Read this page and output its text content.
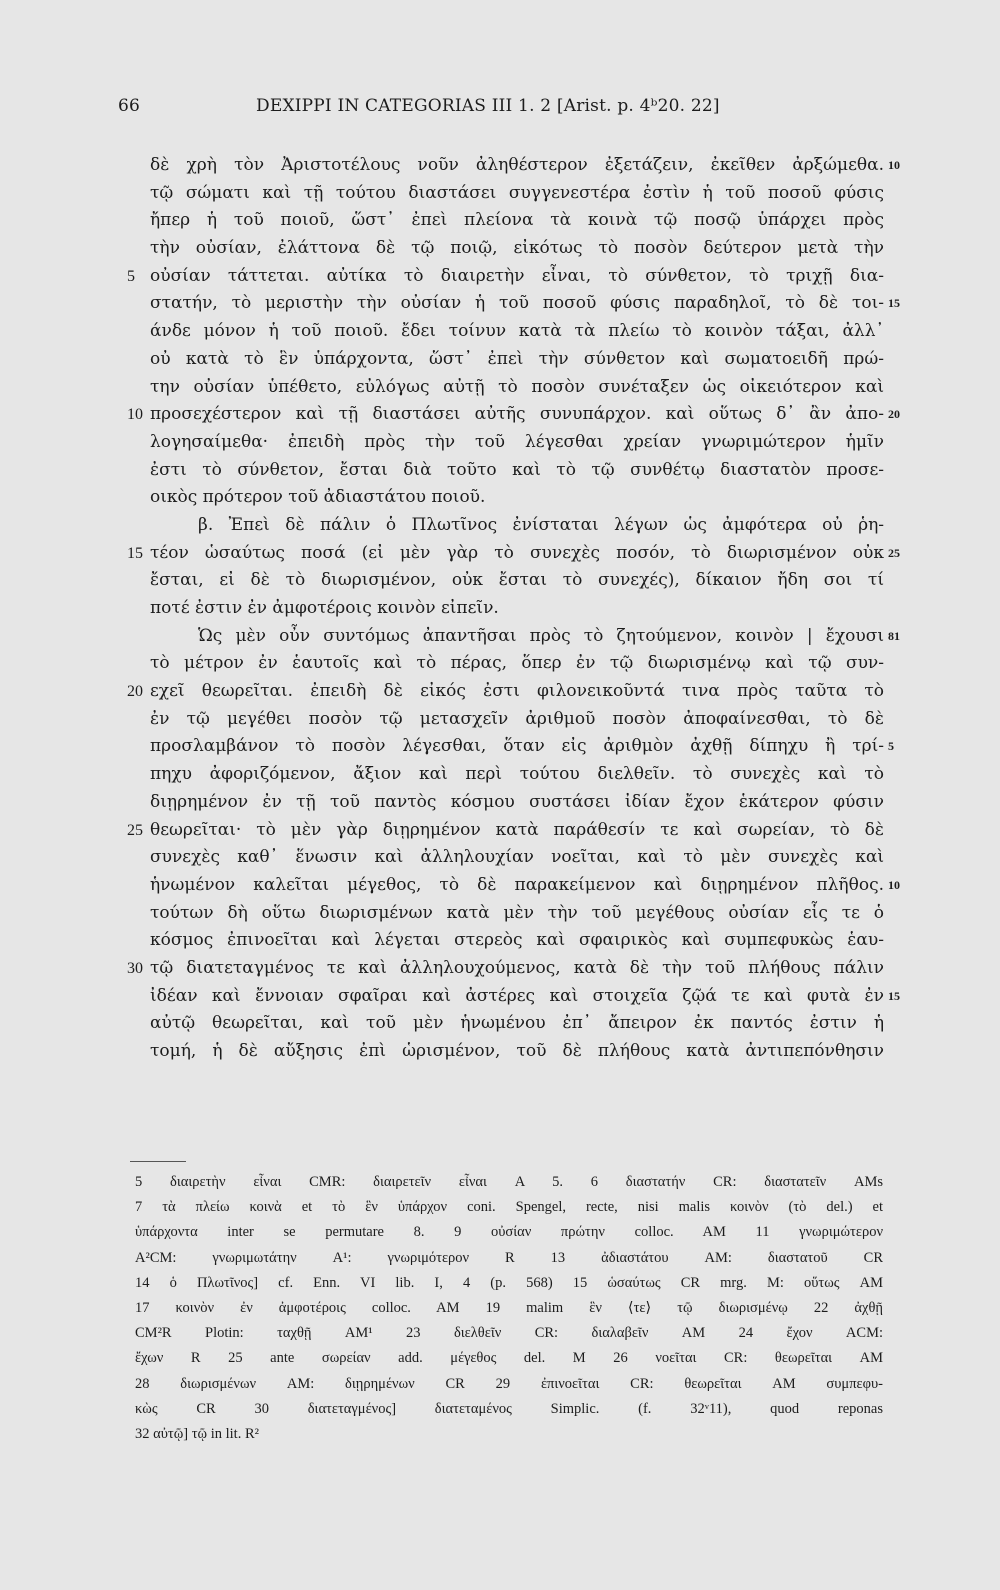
66	DEXIPPI IN CATEGORIAS III 1. 2 [Arist. p. 4ᵇ20. 22]
δὲ χρὴ τὸν Ἀριστοτέλους νοῦν ἀληθέστερον ἐξετάζειν, ἐκεῖθεν ἀρξώμεθα. 10
τῷ σώματι καὶ τῇ τούτου διαστάσει συγγενεστέρα ἐστὶν ἡ τοῦ ποσοῦ φύσις
ἤπερ ἡ τοῦ ποιοῦ, ὥστ᾽ ἐπεὶ πλείονα τὰ κοινὰ τῷ ποσῷ ὑπάρχει πρὸς
τὴν οὐσίαν, ἐλάττονα δὲ τῷ ποιῷ, εἰκότως τὸ ποσὸν δεύτερον μετὰ τὴν
5 οὐσίαν τάττεται. αὐτίκα τὸ διαιρετὴν εἶναι, τὸ σύνθετον, τὸ τριχῇ δια-
στατήν, τὸ μεριστὴν τὴν οὐσίαν ἡ τοῦ ποσοῦ φύσις παραδηλοῖ, τὸ δὲ τοι- 15
άνδε μόνον ἡ τοῦ ποιοῦ. ἔδει τοίνυν κατὰ τὰ πλείω τὸ κοινὸν τάξαι, ἀλλ᾽
οὐ κατὰ τὸ ἓν ὑπάρχοντα, ὥστ᾽ ἐπεὶ τὴν σύνθετον καὶ σωματοειδῆ πρώ-
την οὐσίαν ὑπέθετο, εὐλόγως αὐτῇ τὸ ποσὸν συνέταξεν ὡς οἰκειότερον καὶ
10 προσεχέστερον καὶ τῇ διαστάσει αὐτῆς συνυπάρχον. καὶ οὕτως δ᾽ ἂν ἀπο- 20
λογησαίμεθα· ἐπειδὴ πρὸς τὴν τοῦ λέγεσθαι χρείαν γνωριμώτερον ἡμῖν
ἐστι τὸ σύνθετον, ἔσται διὰ τοῦτο καὶ τὸ τῷ συνθέτῳ διαστατὸν προσε-
οικὸς πρότερον τοῦ ἀδιαστάτου ποιοῦ.
β. Ἐπεὶ δὲ πάλιν ὁ Πλωτῖνος ἐνίσταται λέγων ὡς ἀμφότερα οὐ ῥη-
15 τέον ὡσαύτως ποσά (εἰ μὲν γὰρ τὸ συνεχὲς ποσόν, τὸ διωρισμένον οὐκ 25
ἔσται, εἰ δὲ τὸ διωρισμένον, οὐκ ἔσται τὸ συνεχές), δίκαιον ἤδη σοι τί
ποτέ ἐστιν ἐν ἀμφοτέροις κοινὸν εἰπεῖν.
Ὡς μὲν οὖν συντόμως ἀπαντῆσαι πρὸς τὸ ζητούμενον, κοινὸν | ἔχουσι 81
τὸ μέτρον ἐν ἑαυτοῖς καὶ τὸ πέρας, ὅπερ ἐν τῷ διωρισμένῳ καὶ τῷ συν-
20 εχεῖ θεωρεῖται. ἐπειδὴ δὲ εἰκός ἐστι φιλονεικοῦντά τινα πρὸς ταῦτα τὸ
ἐν τῷ μεγέθει ποσὸν τῷ μετασχεῖν ἀριθμοῦ ποσὸν ἀποφαίνεσθαι, τὸ δὲ
προσλαμβάνον τὸ ποσὸν λέγεσθαι, ὅταν εἰς ἀριθμὸν ἀχθῇ δίπηχυ ἢ τρί- 5
πηχυ ἀφοριζόμενον, ἄξιον καὶ περὶ τούτου διελθεῖν. τὸ συνεχὲς καὶ τὸ
διῃρημένον ἐν τῇ τοῦ παντὸς κόσμου συστάσει ἰδίαν ἔχον ἑκάτερον φύσιν
25 θεωρεῖται· τὸ μὲν γὰρ διῃρημένον κατὰ παράθεσίν τε καὶ σωρείαν, τὸ δὲ
συνεχὲς καθ᾽ ἕνωσιν καὶ ἀλληλουχίαν νοεῖται, καὶ τὸ μὲν συνεχὲς καὶ
ἡνωμένον καλεῖται μέγεθος, τὸ δὲ παρακείμενον καὶ διῃρημένον πλῆθος. 10
τούτων δὴ οὕτω διωρισμένων κατὰ μὲν τὴν τοῦ μεγέθους οὐσίαν εἷς τε ὁ
κόσμος ἐπινοεῖται καὶ λέγεται στερεὸς καὶ σφαιρικὸς καὶ συμπεφυκὼς ἑαυ-
30 τῷ διατεταγμένος τε καὶ ἀλληλουχούμενος, κατὰ δὲ τὴν τοῦ πλήθους πάλιν
ἰδέαν καὶ ἔννοιαν σφαῖραι καὶ ἀστέρες καὶ στοιχεῖα ζῷά τε καὶ φυτὰ ἐν 15
αὐτῷ θεωρεῖται, καὶ τοῦ μὲν ἡνωμένου ἐπ᾽ ἄπειρον ἐκ παντός ἐστιν ἡ
τομή, ἡ δὲ αὔξησις ἐπὶ ὡρισμένον, τοῦ δὲ πλήθους κατὰ ἀντιπεπόνθησιν
5 διαιρετὴν εἶναι CMR: διαιρετεῖν εἶναι A 5. 6 διαστατήν CR: διαστατεῖν AMs
7 τὰ πλείω κοινὰ et τὸ ἓν ὑπάρχον coni. Spengel, recte, nisi malis κοινὸν (τὸ del.) et
ὑπάρχοντα inter se permutare 8. 9 οὐσίαν πρώτην colloc. AM 11 γνωριμώτερον
A²CM: γνωριμωτάτην A¹: γνωριμότερον R 13 ἀδιαστάτου AM: διαστατοῦ CR
14 ὁ Πλωτῖνος] cf. Enn. VI lib. I, 4 (p. 568) 15 ὡσαύτως CR mrg. M: οὕτως AM
17 κοινὸν ἐν ἀμφοτέροις colloc. AM 19 malim ἓν ⟨τε⟩ τῷ διωρισμένῳ 22 ἀχθῇ
CM²R Plotin: ταχθῇ AM¹ 23 διελθεῖν CR: διαλαβεῖν AM 24 ἔχον ACM:
ἔχων R 25 ante σωρείαν add. μέγεθος del. M 26 νοεῖται CR: θεωρεῖται AM
28 διωρισμένων AM: διῃρημένων CR 29 ἐπινοεῖται CR: θεωρεῖται AM συμπεφυ-
κὼς CR 30 διατεταγμένος] διατεταμένος Simplic. (f. 32ᵛ11), quod reponas
32 αὐτῷ] τῷ in lit. R²
